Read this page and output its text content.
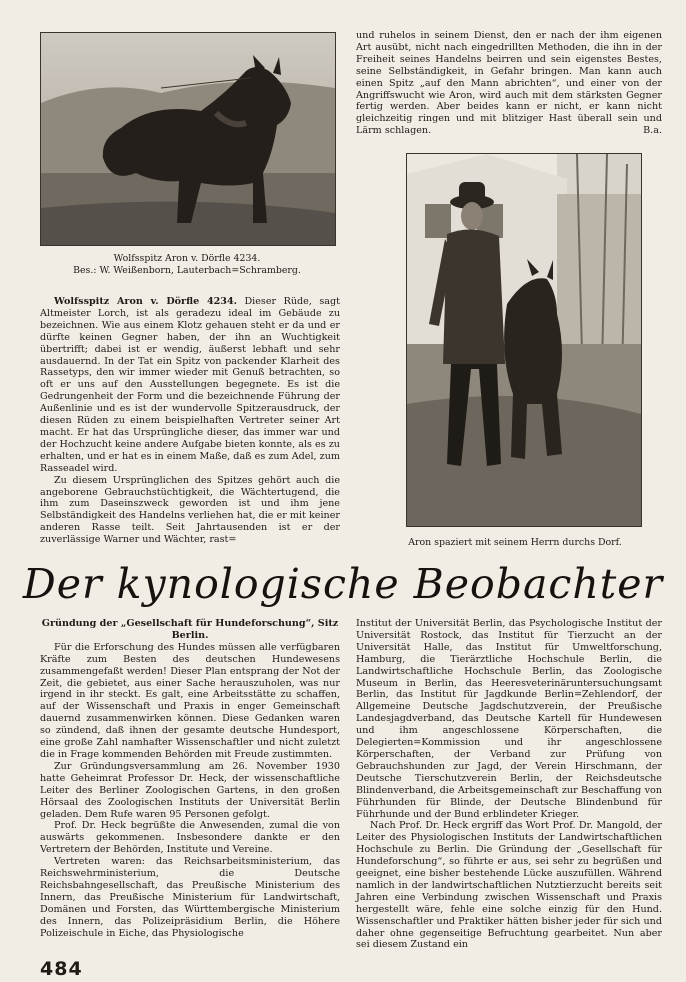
Wolfsspitz Aron v. Dörfle 4234.
Bes.: W. Weißenborn, Lauterbach=Schramberg.

und ruhelos in seinem Dienst, den er nach der ihm eigenen Art ausübt, nicht nach eingedrillten Methoden, die ihn in der Freiheit seines Handelns beirren und sein eigenstes Bestes, seine Selbständigkeit, in Gefahr bringen. Man kann auch einen Spitz „auf den Mann abrichten“, und einer von der Angriffswucht wie Aron, wird auch mit dem stärksten Gegner fertig werden. Aber beides kann er nicht, er kann nicht gleichzeitig ringen und mit blitziger Hast überall sein und Lärm schlagen.	B.a.

Aron spaziert mit seinem Herrn durchs Dorf.

Wolfsspitz Aron v. Dörfle 4234. Dieser Rüde, sagt Altmeister Lorch, ist als geradezu ideal im Gebäude zu bezeichnen. Wie aus einem Klotz gehauen steht er da und er dürfte keinen Gegner haben, der ihn an Wuchtigkeit übertrifft; dabei ist er wendig, äußerst lebhaft und sehr ausdauernd. In der Tat ein Spitz von packender Klarheit des Rassetyps, den wir immer wieder mit Genuß betrachten, so oft er uns auf den Ausstellungen begegnete. Es ist die Gedrungenheit der Form und die bezeichnende Führung der Außenlinie und es ist der wundervolle Spitzerausdruck, der diesen Rüden zu einem beispielhaften Vertreter seiner Art macht. Er hat das Ursprüngliche dieser, das immer war und der Hochzucht keine andere Aufgabe bieten konnte, als es zu erhalten, und er hat es in einem Maße, daß es zum Adel, zum Rasseadel wird.

Zu diesem Ursprünglichen des Spitzes gehört auch die angeborene Gebrauchstüchtigkeit, die Wächtertugend, die ihm zum Daseinszweck geworden ist und ihm jene Selbständigkeit des Handelns verliehen hat, die er mit keiner anderen Rasse teilt. Seit Jahrtausenden ist er der zuverlässige Warner und Wächter, rast=

Der kynologische Beobachter

Gründung der „Gesellschaft für Hundeforschung“, Sitz Berlin.

Für die Erforschung des Hundes müssen alle verfügbaren Kräfte zum Besten des deutschen Hundewesens zusammengefaßt werden! Dieser Plan entsprang der Not der Zeit, die gebietet, aus einer Sache herauszuholen, was nur irgend in ihr steckt. Es galt, eine Arbeitsstätte zu schaffen, auf der Wissenschaft und Praxis in enger Gemeinschaft dauernd zusammenwirken können. Diese Gedanken waren so zündend, daß ihnen der gesamte deutsche Hundesport, eine große Zahl namhafter Wissenschaftler und nicht zuletzt die in Frage kommenden Behörden mit Freude zustimmten.

Zur Gründungsversammlung am 26. November 1930 hatte Geheimrat Professor Dr. Heck, der wissenschaftliche Leiter des Berliner Zoologischen Gartens, in den großen Hörsaal des Zoologischen Instituts der Universität Berlin geladen. Dem Rufe waren 95 Personen gefolgt.

Prof. Dr. Heck begrüßte die Anwesenden, zumal die von auswärts gekommenen. Insbesondere dankte er den Vertretern der Behörden, Institute und Vereine.

Vertreten waren: das Reichsarbeitsministerium, das Reichswehrministerium, die Deutsche Reichsbahngesellschaft, das Preußische Ministerium des Innern, das Preußische Ministerium für Landwirtschaft, Domänen und Forsten, das Württembergische Ministerium des Innern, das Polizeipräsidium Berlin, die Höhere Polizeischule in Eiche, das Physiologische

Institut der Universität Berlin, das Psychologische Institut der Universität Rostock, das Institut für Tierzucht an der Universität Halle, das Institut für Umweltforschung, Hamburg, die Tierärztliche Hochschule Berlin, die Landwirtschaftliche Hochschule Berlin, das Zoologische Museum in Berlin, das Heeresveterinäruntersuchungsamt Berlin, das Institut für Jagdkunde Berlin=Zehlendorf, der Allgemeine Deutsche Jagdschutzverein, der Preußische Landesjagdverband, das Deutsche Kartell für Hundewesen und ihm angeschlossene Körperschaften, die Delegierten=Kommission und ihr angeschlossene Körperschaften, der Verband zur Prüfung von Gebrauchshunden zur Jagd, der Verein Hirschmann, der Deutsche Tierschutzverein Berlin, der Reichsdeutsche Blindenverband, die Arbeitsgemeinschaft zur Beschaffung von Führhunden für Blinde, der Deutsche Blindenbund für Führhunde und der Bund erblindeter Krieger.

Nach Prof. Dr. Heck ergriff das Wort Prof. Dr. Mangold, der Leiter des Physiologischen Instituts der Landwirtschaftlichen Hochschule zu Berlin. Die Gründung der „Gesellschaft für Hundeforschung“, so führte er aus, sei sehr zu begrüßen und geeignet, eine bisher bestehende Lücke auszufüllen. Während namlich in der landwirtschaftlichen Nutztierzucht bereits seit Jahren eine Verbindung zwischen Wissenschaft und Praxis hergestellt wäre, fehle eine solche einzig für den Hund. Wissenschaftler und Praktiker hätten bisher jeder für sich und daher ohne gegenseitige Befruchtung gearbeitet. Nun aber sei diesem Zustand ein

484
